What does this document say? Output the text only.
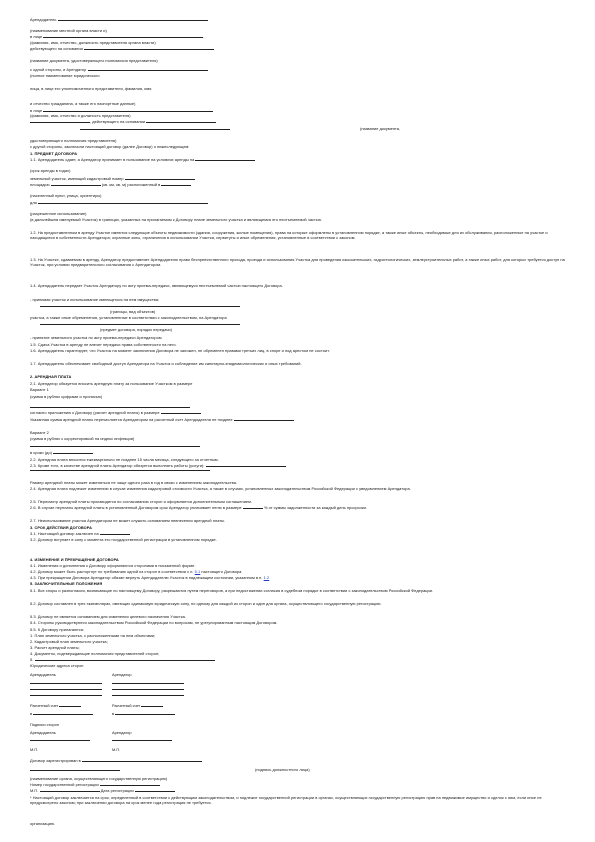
Арендодатель
(наименование местной органа власти и)
в лице	,
(фамилия, имя, отчество, должность представителя органа власти)
действующего на основании
(название документа, удостоверяющего полномочия представителя)
с одной стороны, и Арендатор
(полное наименование юридического
лица, в лице его уполномоченного представителя, фамилия, имя
и отчество гражданина, а также его паспортные данные)
в лице
(фамилия, имя, отчество и должность представителя)
, действующего на основании
(название документа,
удостоверяющего полномочия представителя)
с другой стороны, заключили настоящий договор (далее Договор) о нижеследующем:
1. ПРЕДМЕТ ДОГОВОРА
1.1. Арендодатель сдает, а Арендатор принимает в пользование на условиях аренды на
(срок аренды в годах)
земельный участок, имеющий кадастровый номер
площадью	(кв. км, кв. м) расположенный в
(населенный пункт, улица, ориентиры)
для
(разрешенное использование)
(в дальнейшем именуемый Участок) в границах, указанных на прилагаемом к Договору плане земельного участка и являющемся его неотъемлемой частью.
1.2. На предоставленном в аренду Участке имеются следующие объекты недвижимости (здания, сооружения, жилые помещения), права на которые оформлены в установленном порядке, а также иные объекты, необходимые для их обслуживания, расположенные на участке и находящиеся в собственности Арендатора; охранные зоны, ограничения в использовании Участка, сервитуты и иные обременения, установленные в соответствии с законом.
1.3. На Участке, сдаваемом в аренду, Арендатор предоставляет Арендодателю право беспрепятственного прохода, проезда и использования Участка для проведения изыскательских, гидрогеологических, землеустроительных работ, а также иных работ, для которых требуется доступ на Участок, при условии предварительного согласования с Арендатором.
1.4. Арендодатель передает Участок Арендатору по акту приема-передачи, являющемуся неотъемлемой частью настоящего Договора.
- принимая участок и использование имеющегося на нем имущества:
(границы, вид объектов)
участка, а также иные обременения, установленные в соответствии с законодательством, на Арендатора
(предмет договора, порядок передачи)
- принятие земельного участка по акту приема-передачи Арендатором
1.5. Сдача Участка в аренду не влечет передачи права собственности на него.
1.6. Арендодатель гарантирует, что Участок на момент заключения Договора не заложен, не обременен правами третьих лиц, в споре и под арестом не состоит.
1.7. Арендодатель обеспечивает свободный доступ Арендатора на Участок и соблюдение им санитарно-эпидемиологических и иных требований.
2. АРЕНДНАЯ ПЛАТА
2.1. Арендатор обязуется вносить арендную плату за пользование Участком в размере
Вариант 1
(сумма в рублях цифрами и прописью)
согласно приложению к Договору (расчет арендной платы) в размере
Указанная сумма арендной платы перечисляется Арендатором на расчетный счет Арендодателя не позднее
Вариант 2
(сумма в рублях с корректировкой на индекс инфляции)
в сроки (до)
2.2. Арендная плата вносится ежеквартально не позднее 15 числа месяца, следующего за отчетным.
2.3. Кроме того, в качестве арендной платы Арендатор обязуется выполнять работы (услуги):
Размер арендной платы может изменяться не чаще одного раза в год в связи с изменением законодательства.
2.4. Арендная плата подлежит изменению в случае изменения кадастровой стоимости Участка, а также в случаях, установленных законодательством Российской Федерации с уведомлением Арендатора.
2.5. Пересмотр арендной платы производится по согласованию сторон и оформляется дополнительным соглашением.
2.6. В случае неуплаты арендной платы в установленный Договором срок Арендатор уплачивает пеню в размере	% от суммы задолженности за каждый день просрочки.
2.7. Неиспользование участка Арендатором не может служить основанием невнесения арендной платы.
3. СРОК ДЕЙСТВИЯ ДОГОВОРА
3.1. Настоящий договор заключен на
3.2. Договор вступает в силу с момента его государственной регистрации в установленном порядке.
4. ИЗМЕНЕНИЕ И ПРЕКРАЩЕНИЕ ДОГОВОРА
4.1. Изменения и дополнения к Договору оформляются сторонами в письменной форме.
4.2. Договор может быть расторгнут по требованию одной из сторон в соответствии с п. 5.1 настоящего Договора.
4.3. При прекращении Договора Арендатор обязан вернуть Арендодателю Участок в надлежащем состоянии, указанном в п. 1.2
5. ЗАКЛЮЧИТЕЛЬНЫЕ ПОЛОЖЕНИЯ
5.1. Все споры и разногласия, возникающие по настоящему Договору, разрешаются путем переговоров, а при недостижении согласия в судебном порядке в соответствии с законодательством Российской Федерации.
5.2. Договор составлен в трех экземплярах, имеющих одинаковую юридическую силу, по одному для каждой из сторон и один для органа, осуществляющего государственную регистрацию.
5.3. Договор не является основанием для изменения целевого назначения Участка.
5.4. Стороны руководствуются законодательством Российской Федерации по вопросам, не урегулированным настоящим Договором.
5.5. К Договору прилагаются:
1. План земельного участка, с расположенными на нем объектами;
2. Кадастровый план земельного участка;
3. Расчет арендной платы;
4. Документы, подтверждающие полномочия представителей сторон;
5.
Юридические адреса сторон
Арендодатель	Арендатор
Расчетный счет	Расчетный счет
в	в
Подписи сторон
Арендодатель	Арендатор
М.П.	М.П.
Договор зарегистрирован в
(подпись должностного лица)
(наименование органа, осуществляющего государственную регистрацию)
Номер государственной регистрации
М.П.	Дата регистрации
* Настоящий договор заключается на срок, определенный в соответствии с действующим законодательством, и подлежит государственной регистрации в органах, осуществляющих государственную регистрацию прав на недвижимое имущество и сделок с ним, если иное не предусмотрено законом; при заключении договора на срок менее года регистрация не требуется.
организацию.
